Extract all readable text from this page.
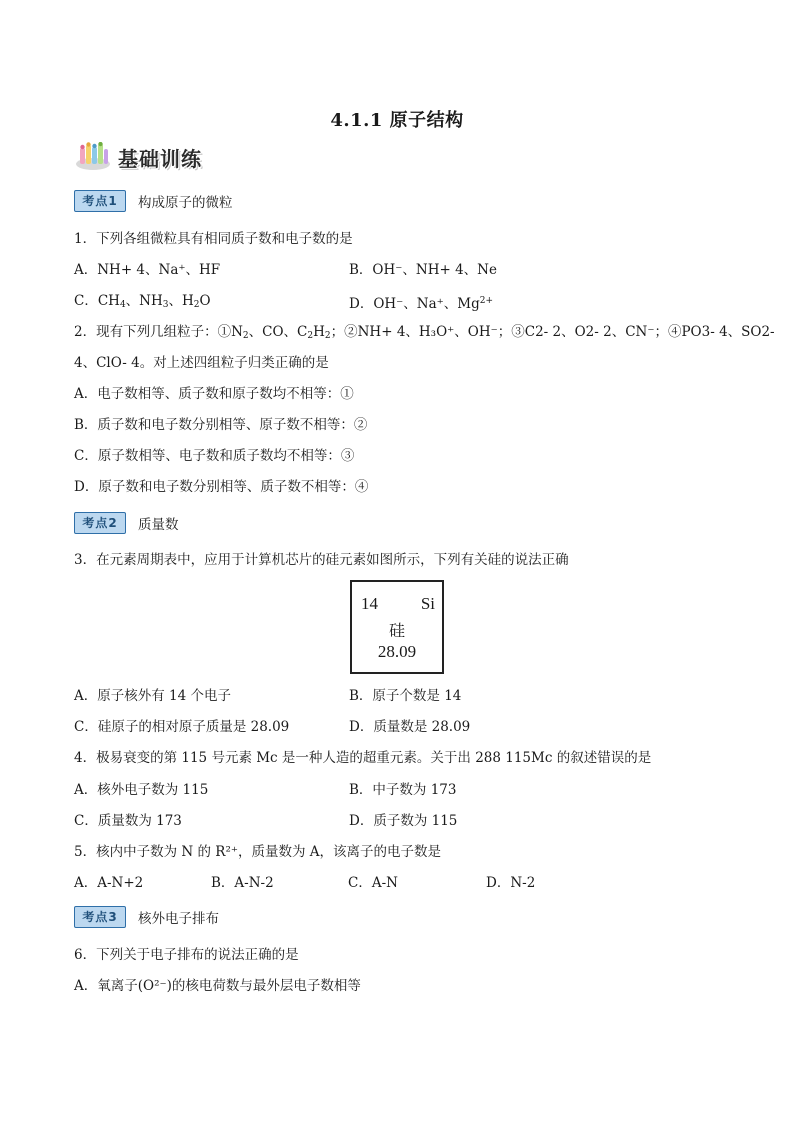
4.1.1 原子结构
基础训练
考点1	构成原子的微粒
1．下列各组微粒具有相同质子数和电子数的是
A．NH+ 4、Na⁺、HF	B．OH⁻、NH+ 4、Ne
C．$CH_4$、$NH_3$、$H_2O$	D．OH⁻、Na⁺、$Mg^{2+}$
2．现有下列几组粒子：$①N_2$、CO、$C_2H_2$；②NH+ 4、H₃O⁺、OH⁻；③C2- 2、O2- 2、CN⁻；④PO3- 4、SO2-
4、ClO- 4。对上述四组粒子归类正确的是
A．电子数相等、质子数和原子数均不相等：①
B．质子数和电子数分别相等、原子数不相等：②
C．原子数相等、电子数和质子数均不相等：③
D．原子数和电子数分别相等、质子数不相等：④
考点2	质量数
3．在元素周期表中，应用于计算机芯片的硅元素如图所示，下列有关硅的说法正确
14	Si
硅
28.09
A．原子核外有 14 个电子	B．原子个数是 14
C．硅原子的相对原子质量是 28.09	D．质量数是 28.09
4．极易衰变的第 115 号元素 Mc 是一种人造的超重元素。关于出 288 115Mc 的叙述错误的是
A．核外电子数为 115	B．中子数为 173
C．质量数为 173	D．质子数为 115
5．核内中子数为 N 的 R²⁺，质量数为 A，该离子的电子数是
A．A-N+2	B．A-N-2	C．A-N	D．N-2
考点3	核外电子排布
6．下列关于电子排布的说法正确的是
A．氧离子(O²⁻)的核电荷数与最外层电子数相等
